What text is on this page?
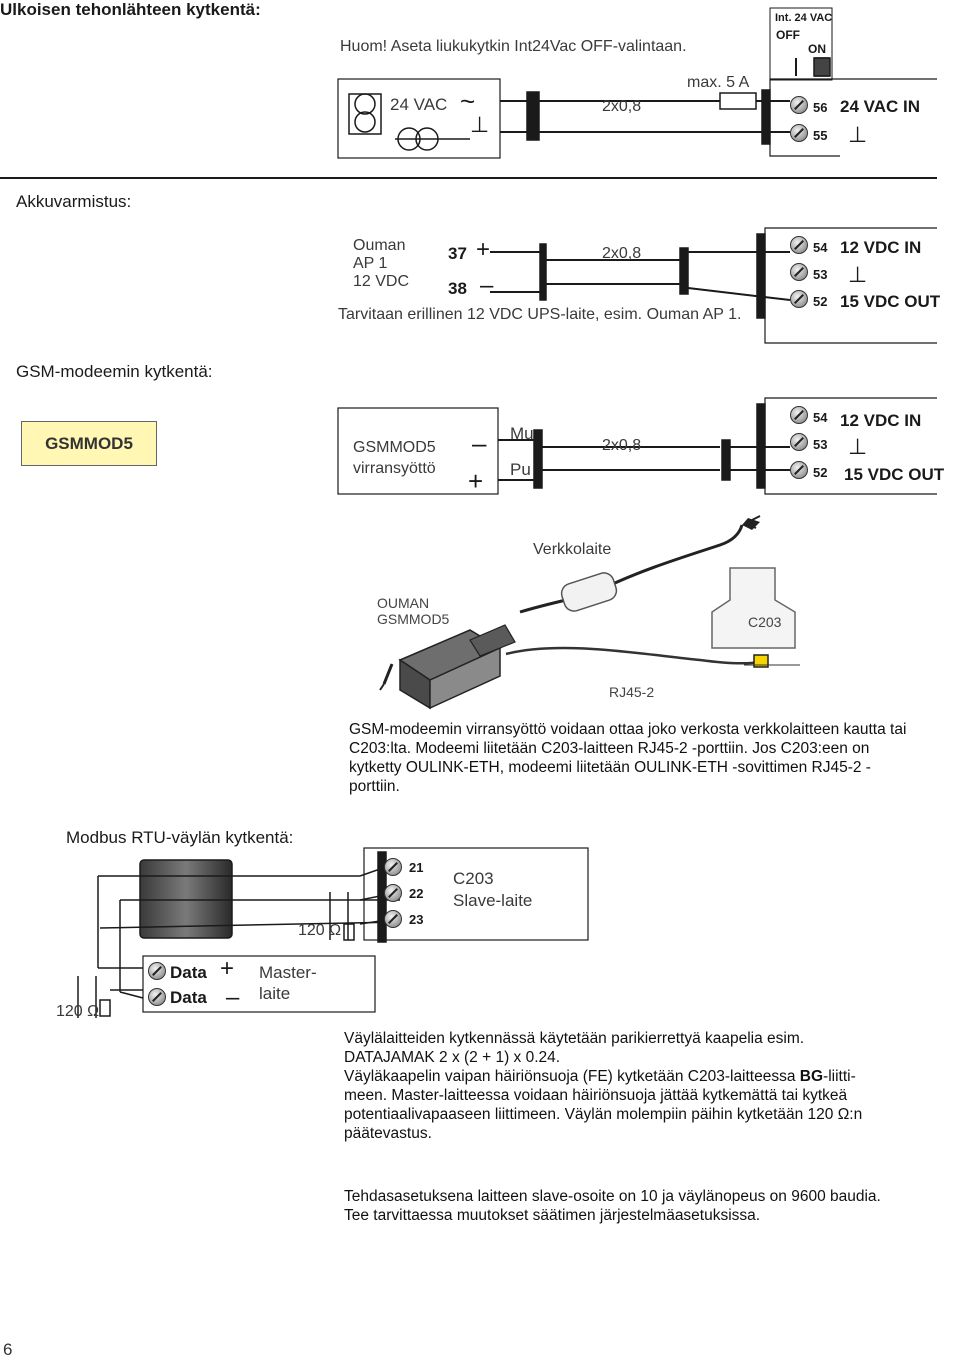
Ulkoisen tehonlähteen kytkentä:
Huom! Aseta liukukytkin Int24Vac OFF-valintaan.
Int. 24 VAC
OFF
ON
max. 5 A
24 VAC ~
⊥
2x0,8	56
55
24 VAC IN
⊥
Akkuvarmistus:
Ouman
AP 1
12 VDC
37
38
+
–
2x0,8
Tarvitaan erillinen 12 VDC UPS-laite, esim. Ouman AP 1.
54
53
52
12 VDC IN
⊥
15 VDC OUT
GSM-modeemin kytkentä:
GSMMOD5	GSMMOD5
virransyöttö
–
+
Mu
Pu
2x0,8
54
53
52
12 VDC IN
⊥
15 VDC OUT
Verkkolaite
OUMAN
GSMMOD5	C203
RJ45-2
GSM-modeemin virransyöttö voidaan ottaa joko verkosta verkkolaitteen kautta tai C203:lta. Modeemi liitetään C203-laitteen RJ45-2 -porttiin. Jos C203:een on kytketty OULINK-ETH, modeemi liitetään OULINK-ETH -sovittimen RJ45-2 -porttiin.
Modbus RTU-väylän kytkentä:
120 Ω
21
22
23
C203
Slave-laite
Data
Data
+
–
Master-
laite
120 Ω
Väylälaitteiden kytkennässä käytetään parikierrettyä kaapelia esim.
DATAJAMAK 2 x (2 + 1) x 0.24.
Väyläkaapelin vaipan häiriönsuoja (FE) kytketään C203-laitteessa BG-liitti-
meen. Master-laitteessa voidaan häiriönsuoja jättää kytkemättä tai kytkeä
potentiaalivapaaseen liittimeen. Väylän molempiin päihin kytketään 120 Ω:n
päätevastus.
Tehdasasetuksena laitteen slave-osoite on 10 ja väylänopeus on 9600 baudia.
Tee tarvittaessa muutokset säätimen järjestelmäasetuksissa.
6
